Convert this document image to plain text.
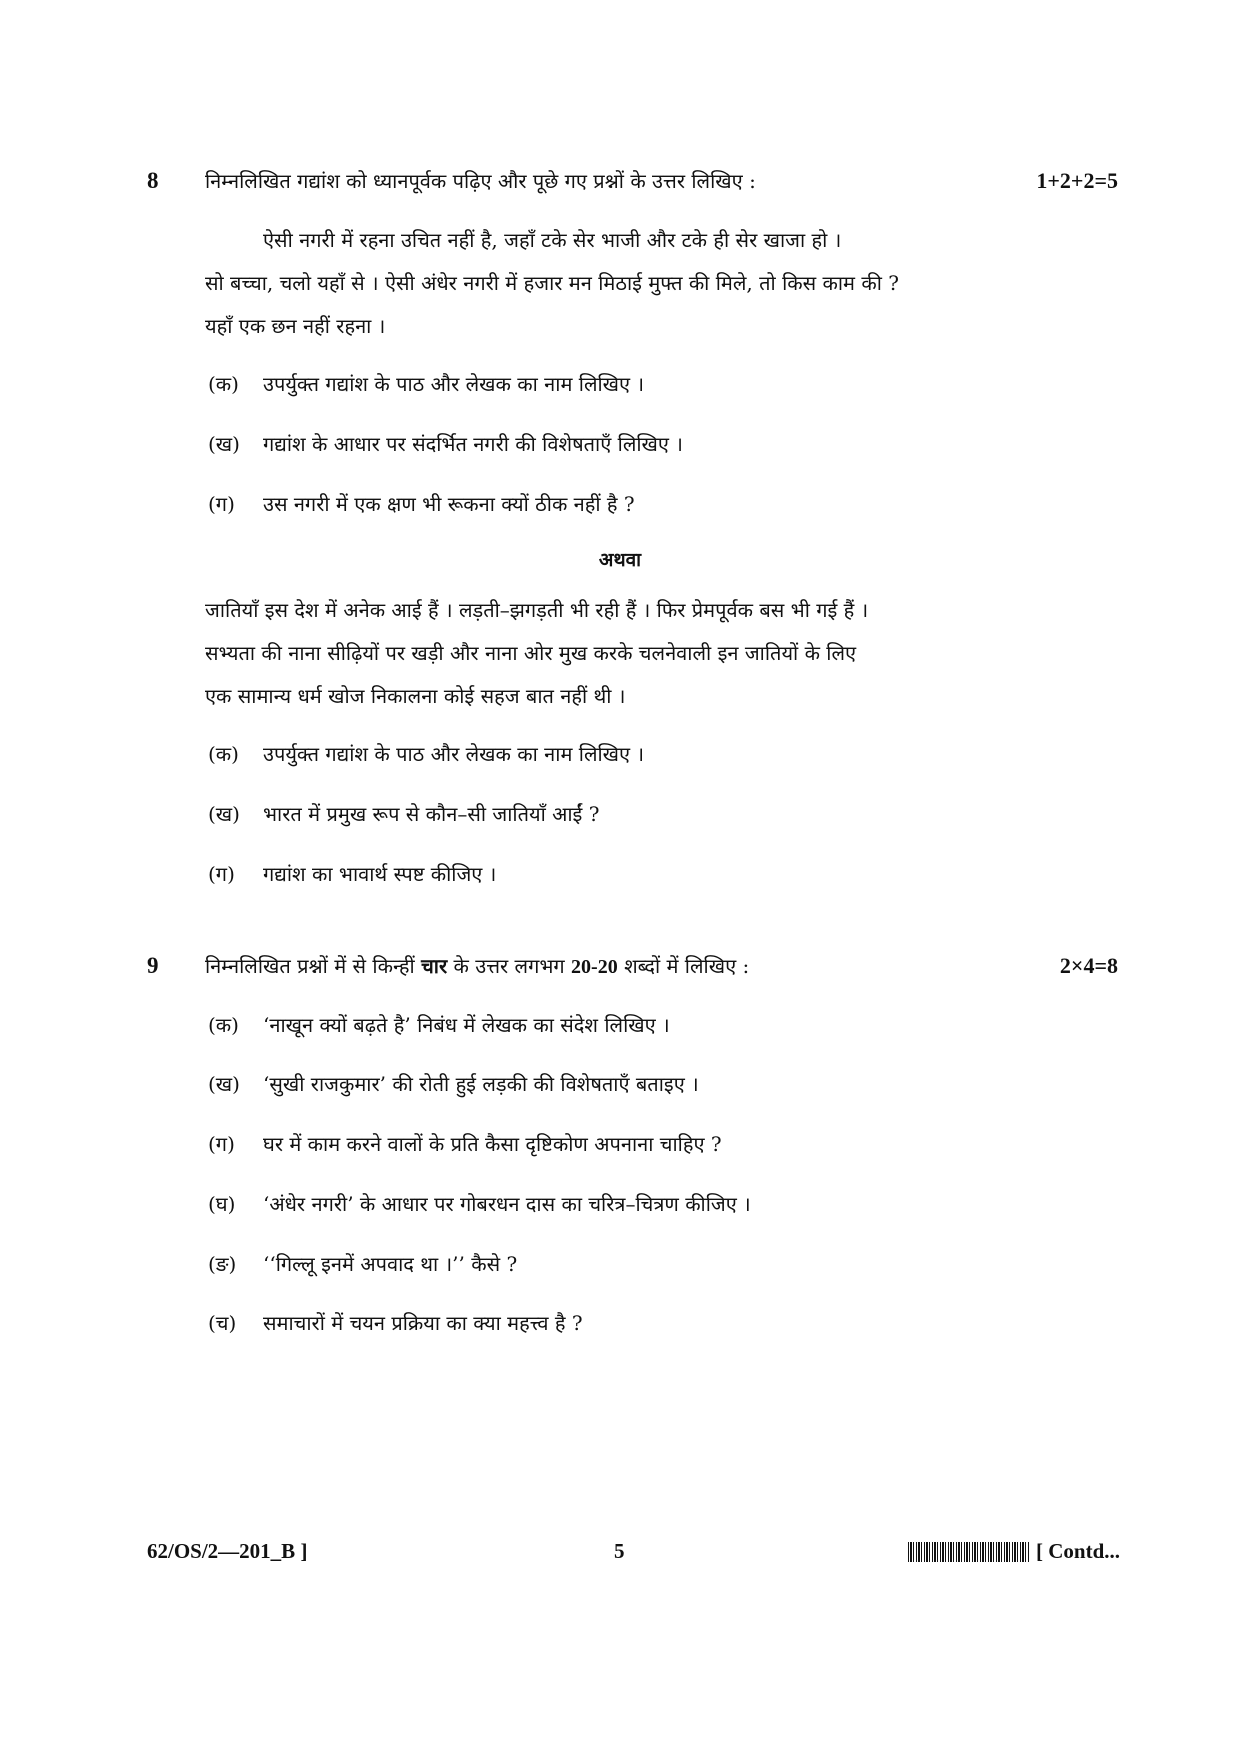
8 निम्नलिखित गद्यांश को ध्यानपूर्वक पढ़िए और पूछे गए प्रश्नों के उत्तर लिखिए :	1+2+2=5
ऐसी नगरी में रहना उचित नहीं है, जहाँ टके सेर भाजी और टके ही सेर खाजा हो ।
सो बच्चा, चलो यहाँ से । ऐसी अंधेर नगरी में हजार मन मिठाई मुफ्त की मिले, तो किस काम की ?
यहाँ एक छन नहीं रहना ।
(क) उपर्युक्त गद्यांश के पाठ और लेखक का नाम लिखिए ।
(ख) गद्यांश के आधार पर संदर्भित नगरी की विशेषताएँ लिखिए ।
(ग) उस नगरी में एक क्षण भी रूकना क्यों ठीक नहीं है ?
अथवा
जातियाँ इस देश में अनेक आई हैं । लड़ती–झगड़ती भी रही हैं । फिर प्रेमपूर्वक बस भी गई हैं ।
सभ्यता की नाना सीढ़ियों पर खड़ी और नाना ओर मुख करके चलनेवाली इन जातियों के लिए
एक सामान्य धर्म खोज निकालना कोई सहज बात नहीं थी ।
(क) उपर्युक्त गद्यांश के पाठ और लेखक का नाम लिखिए ।
(ख) भारत में प्रमुख रूप से कौन–सी जातियाँ आईं ?
(ग) गद्यांश का भावार्थ स्पष्ट कीजिए ।
9 निम्नलिखित प्रश्नों में से किन्हीं चार के उत्तर लगभग 20-20 शब्दों में लिखिए :	2×4=8
(क) ‘नाखून क्यों बढ़ते है’ निबंध में लेखक का संदेश लिखिए ।
(ख) ‘सुखी राजकुमार’ की रोती हुई लड़की की विशेषताएँ बताइए ।
(ग) घर में काम करने वालों के प्रति कैसा दृष्टिकोण अपनाना चाहिए ?
(घ) ‘अंधेर नगरी’ के आधार पर गोबरधन दास का चरित्र–चित्रण कीजिए ।
(ङ) ‘‘गिल्लू इनमें अपवाद था ।’’ कैसे ?
(च) समाचारों में चयन प्रक्रिया का क्या महत्त्व है ?
62/OS/2—201_B ]	5	[ Contd...
